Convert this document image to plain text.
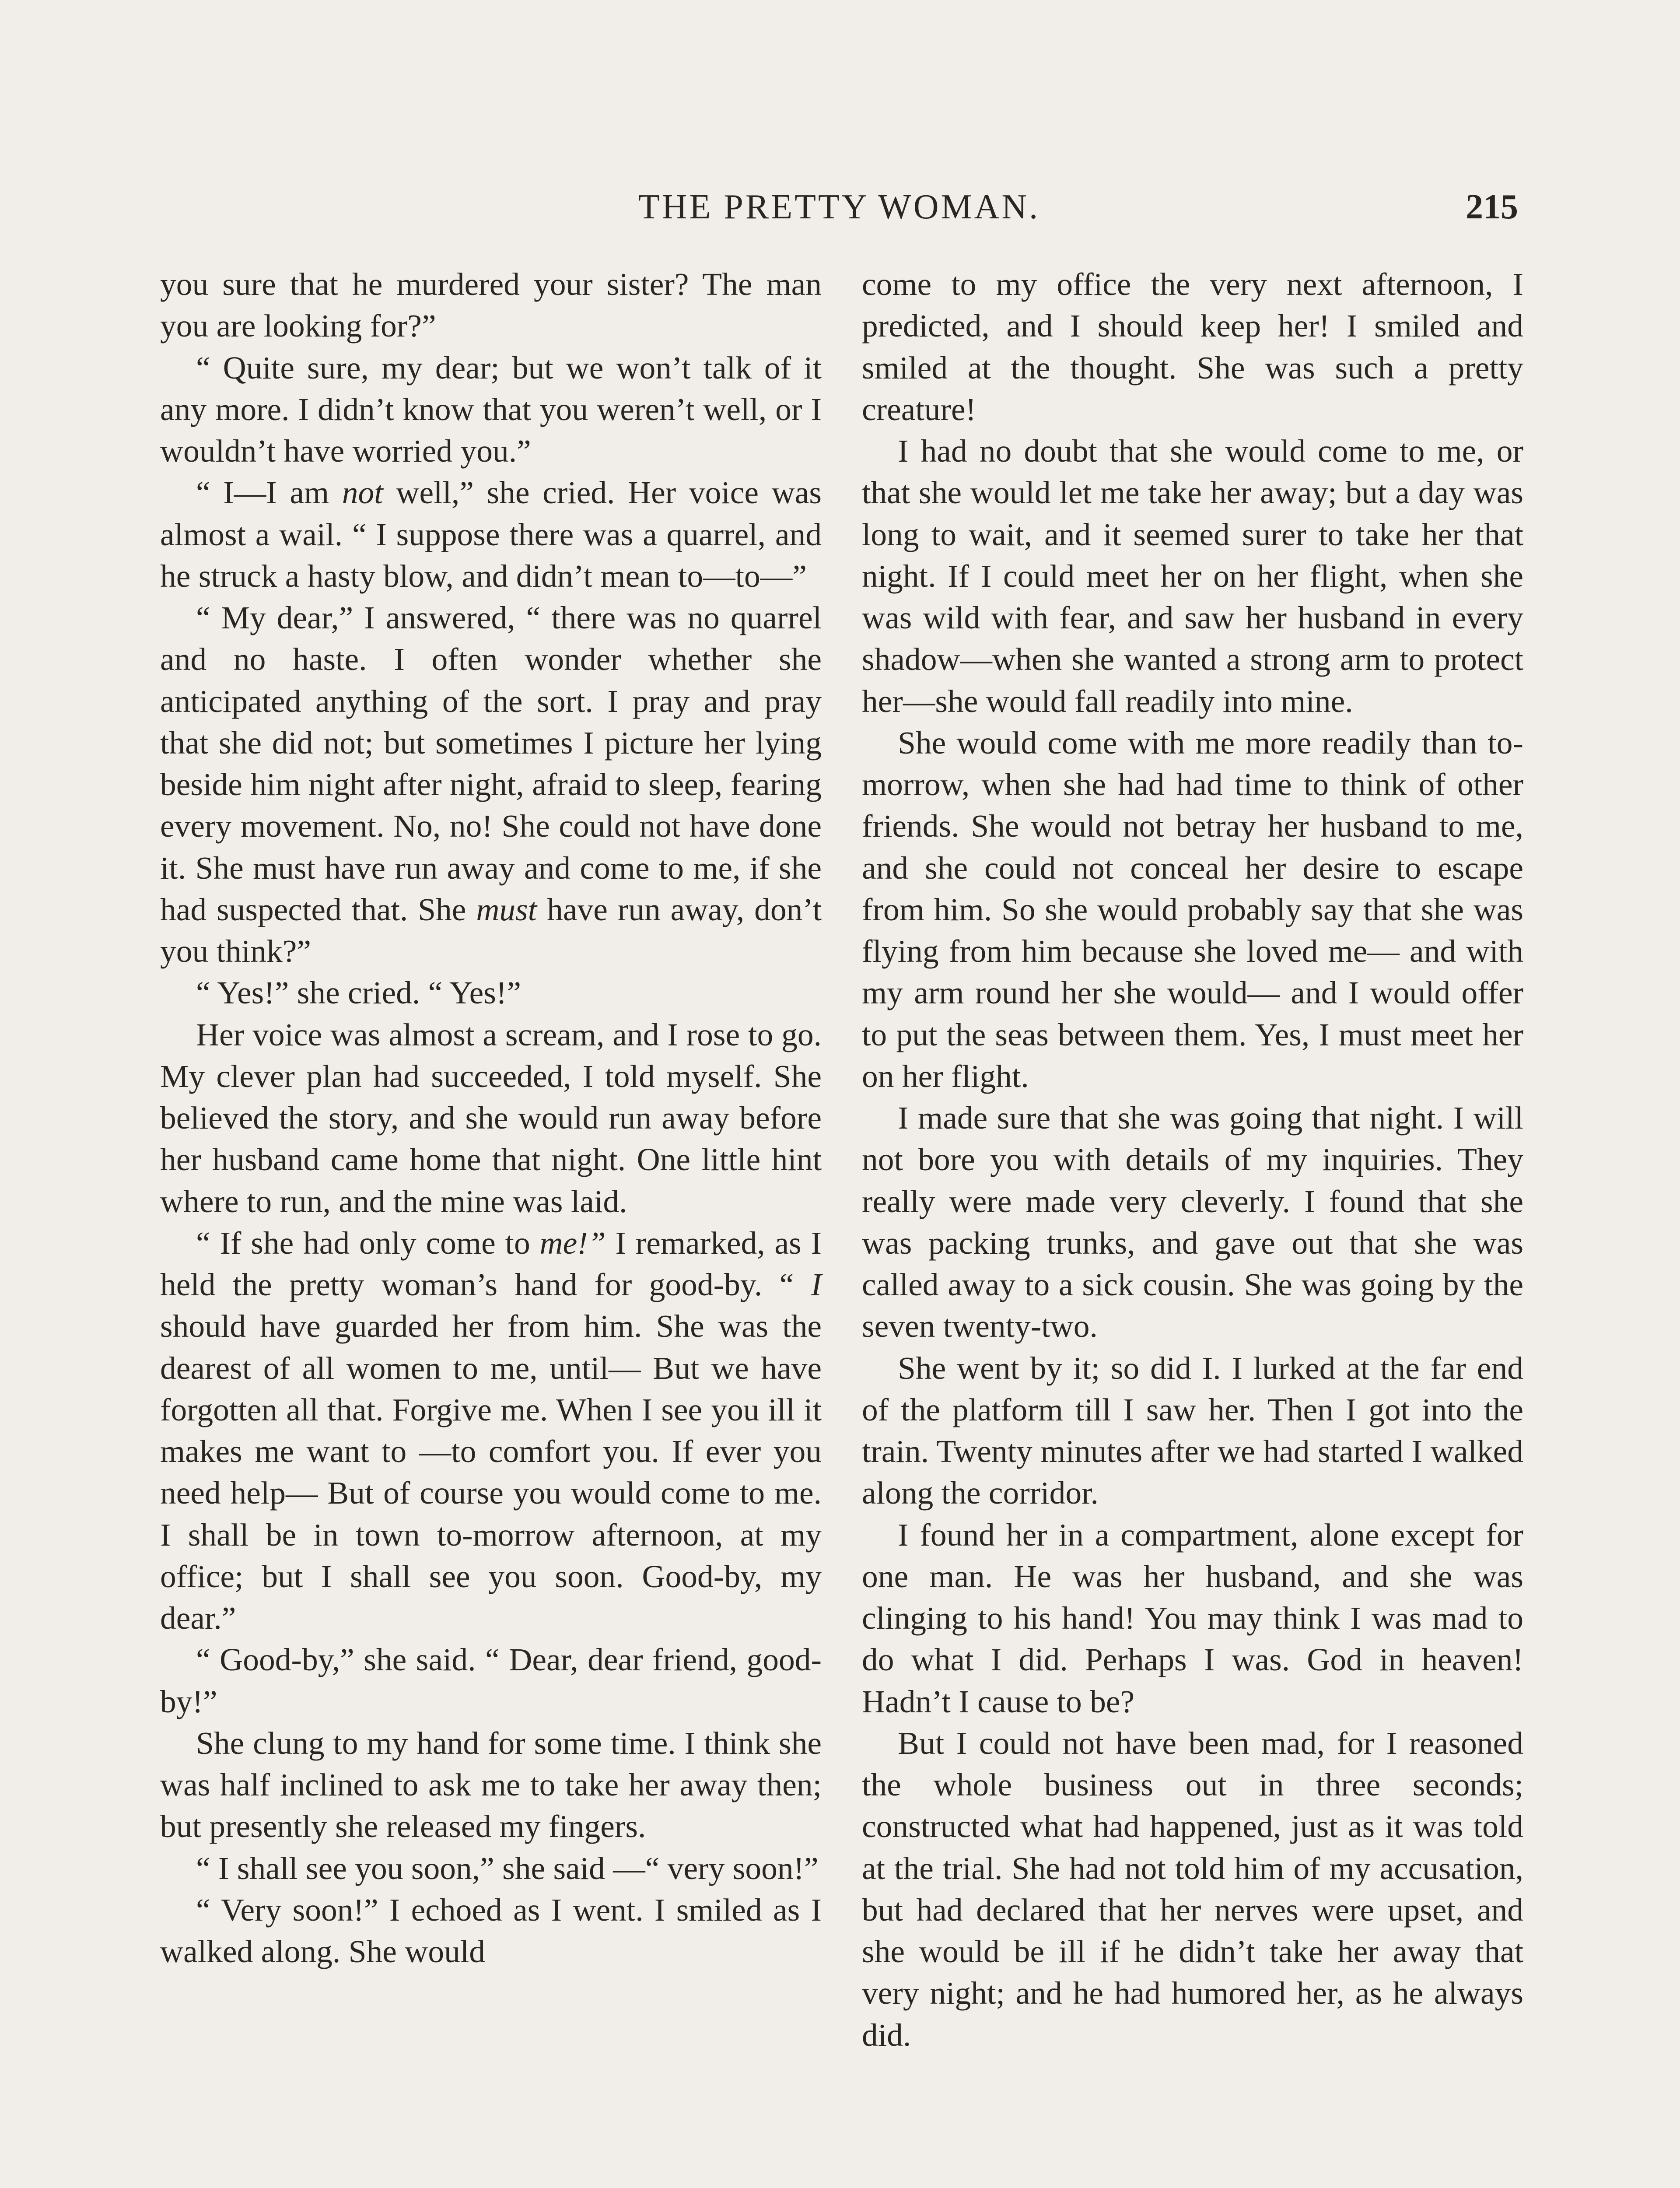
THE PRETTY WOMAN.	215

you sure that he murdered your sister? The man you are looking for?”

“ Quite sure, my dear; but we won’t talk of it any more. I didn’t know that you weren’t well, or I wouldn’t have worried you.”

“ I—I am not well,” she cried. Her voice was almost a wail. “ I suppose there was a quarrel, and he struck a hasty blow, and didn’t mean to—to—”

“ My dear,” I answered, “ there was no quarrel and no haste. I often wonder whether she anticipated anything of the sort. I pray and pray that she did not; but sometimes I picture her lying beside him night after night, afraid to sleep, fearing every movement. No, no! She could not have done it. She must have run away and come to me, if she had suspected that. She must have run away, don’t you think?”

“ Yes!” she cried. “ Yes!”

Her voice was almost a scream, and I rose to go. My clever plan had succeeded, I told myself. She believed the story, and she would run away before her husband came home that night. One little hint where to run, and the mine was laid.

“ If she had only come to me!” I remarked, as I held the pretty woman’s hand for good-by. “ I should have guarded her from him. She was the dearest of all women to me, until— But we have forgotten all that. Forgive me. When I see you ill it makes me want to —to comfort you. If ever you need help— But of course you would come to me. I shall be in town to-morrow afternoon, at my office; but I shall see you soon. Good-by, my dear.”

“ Good-by,” she said. “ Dear, dear friend, good-by!”

She clung to my hand for some time. I think she was half inclined to ask me to take her away then; but presently she released my fingers.

“ I shall see you soon,” she said —“ very soon!”

“ Very soon!” I echoed as I went. I smiled as I walked along. She would

come to my office the very next afternoon, I predicted, and I should keep her! I smiled and smiled at the thought. She was such a pretty creature!

I had no doubt that she would come to me, or that she would let me take her away; but a day was long to wait, and it seemed surer to take her that night. If I could meet her on her flight, when she was wild with fear, and saw her husband in every shadow—when she wanted a strong arm to protect her—she would fall readily into mine.

She would come with me more readily than to-morrow, when she had had time to think of other friends. She would not betray her husband to me, and she could not conceal her desire to escape from him. So she would probably say that she was flying from him because she loved me— and with my arm round her she would— and I would offer to put the seas between them. Yes, I must meet her on her flight.

I made sure that she was going that night. I will not bore you with details of my inquiries. They really were made very cleverly. I found that she was packing trunks, and gave out that she was called away to a sick cousin. She was going by the seven twenty-two.

She went by it; so did I. I lurked at the far end of the platform till I saw her. Then I got into the train. Twenty minutes after we had started I walked along the corridor.

I found her in a compartment, alone except for one man. He was her husband, and she was clinging to his hand! You may think I was mad to do what I did. Perhaps I was. God in heaven! Hadn’t I cause to be?

But I could not have been mad, for I reasoned the whole business out in three seconds; constructed what had happened, just as it was told at the trial. She had not told him of my accusation, but had declared that her nerves were upset, and she would be ill if he didn’t take her away that very night; and he had humored her, as he always did.
